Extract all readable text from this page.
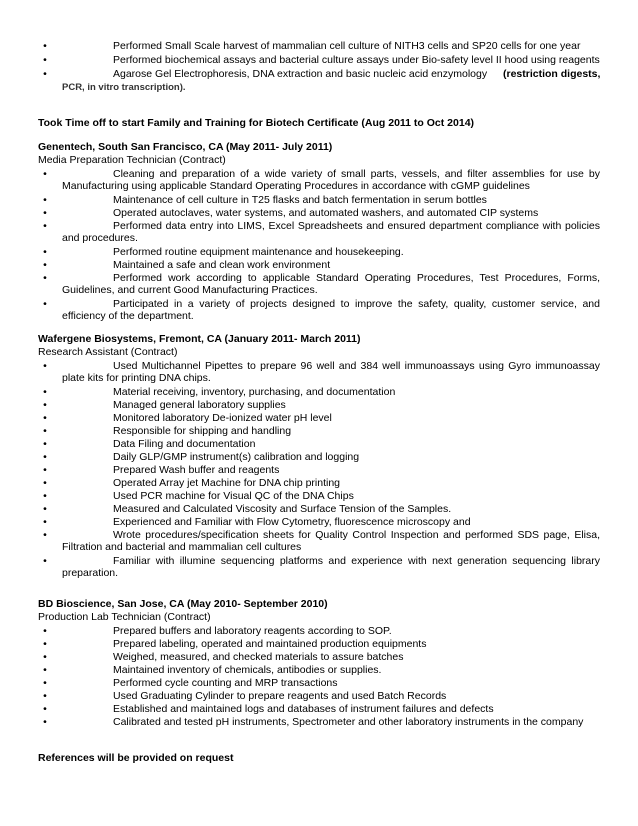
•	Performed Small Scale harvest of mammalian cell culture of NITH3 cells and SP20 cells for one year
•	Performed biochemical assays and bacterial culture assays under Bio-safety level II hood using reagents
•	Agarose Gel Electrophoresis, DNA extraction and basic nucleic acid enzymology (restriction digests,
PCR, in vitro transcription).
Took Time off to start Family and Training for Biotech Certificate (Aug 2011 to Oct 2014)
Genentech, South San Francisco, CA (May 2011- July 2011)
Media Preparation Technician (Contract)
•	Cleaning and preparation of a wide variety of small parts, vessels, and filter assemblies for use by
Manufacturing using applicable Standard Operating Procedures in accordance with cGMP guidelines
•	Maintenance of cell culture in T25 flasks and batch fermentation in serum bottles
•	Operated autoclaves, water systems, and automated washers, and automated CIP systems
•	Performed data entry into LIMS, Excel Spreadsheets and ensured department compliance with policies
and procedures.
•	Performed routine equipment maintenance and housekeeping.
•	Maintained a safe and clean work environment
•	Performed work according to applicable Standard Operating Procedures, Test Procedures, Forms,
Guidelines, and current Good Manufacturing Practices.
•	Participated in a variety of projects designed to improve the safety, quality, customer service, and
efficiency of the department.
Wafergene Biosystems, Fremont, CA (January 2011- March 2011)
Research Assistant (Contract)
•	Used Multichannel Pipettes to prepare 96 well and 384 well immunoassays using Gyro immunoassay
plate kits for printing DNA chips.
•	Material receiving, inventory, purchasing, and documentation
•	Managed general laboratory supplies
•	Monitored laboratory De-ionized water pH level
•	Responsible for shipping and handling
•	Data Filing and documentation
•	Daily GLP/GMP instrument(s) calibration and logging
•	Prepared Wash buffer and reagents
•	Operated Array jet Machine for DNA chip printing
•	Used PCR machine for Visual QC of the DNA Chips
•	Measured and Calculated Viscosity and Surface Tension of the Samples.
•	Experienced and Familiar with Flow Cytometry, fluorescence microscopy and
•	Wrote procedures/specification sheets for Quality Control Inspection and performed SDS page, Elisa,
Filtration and bacterial and mammalian cell cultures
•	Familiar with illumine sequencing platforms and experience with next generation sequencing library
preparation.
BD Bioscience, San Jose, CA (May 2010- September 2010)
Production Lab Technician (Contract)
•	Prepared buffers and laboratory reagents according to SOP.
•	Prepared labeling, operated and maintained production equipments
•	Weighed, measured, and checked materials to assure batches
•	Maintained inventory of chemicals, antibodies or supplies.
•	Performed cycle counting and MRP transactions
•	Used Graduating Cylinder to prepare reagents and used Batch Records
•	Established and maintained logs and databases of instrument failures and defects
•	Calibrated and tested pH instruments, Spectrometer and other laboratory instruments in the company
References will be provided on request
